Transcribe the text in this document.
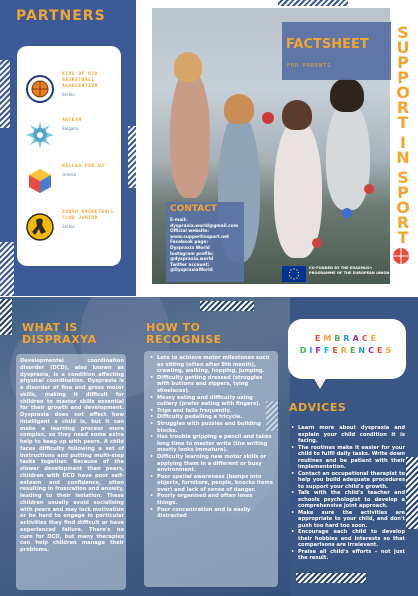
PARTNERS
KIDS OF RIO BASKETBALL ASSOCIATION
Serbia
ARTEAM
Bulgaria
BALLAS FOR US
Greece
ZOUSH BASKETBALL CLUB JUNIOR
Serbia
FACTSHEET
FOR PARENTS
S
U
P
P
O
R
T
I
N
S
P
O
R
T
CONTACT
E-mail:
dyspraxia.world@gmail.com
Official website:
www.supportinsport.net
Facebook page:
Dyspraxia World
Instagram profile:
@dyspraxia.world
Twitter account:
@DyspraxiaWorld
CO-FUNDED BY THE ERASMUS+ PROGRAMME OF THE EUROPEAN UNION
WHAT IS
DISPRAXYA
Developmental coordination disorder (DCD), also known as dyspraxia, is a condition affecting physical coordination. Dyspraxia is a disorder of fine and gross motor skills, making it difficult for children to master skills essential for their growth and development. Dyspraxia does not affect how intelligent a child is, but it can make a learning process more complex, so they need some extra help to keep up with peers. A child faces difficulty following a set of instructions and putting multi-step tasks together. Because of the slower development than peers, children with DCD have poor self-esteem and confidence, often resulting in frustration and anxiety, leading to their isolation. These children usually avoid socialising with peers and may lack motivation or be hard to engage in particular activities they find difficult or have experienced failure. There's no cure for DCD, but many therapies can help children manage their problems.
HOW TO
RECOGNISE
• Late to achieve motor milestones such as sitting (often after 8th month), crawling, walking, hopping, jumping.
• Difficulty getting dressed (struggles with buttons and zippers, tying shoelaces).
• Messy eating and difficulty using cutlery (prefer eating with fingers).
• Trips and falls frequently.
• Difficulty pedalling a tricycle.
• Struggles with puzzles and building blocks.
• Has trouble gripping a pencil and takes long time to master write (the writing mostly looks immature).
• Difficulty learning new motor skills or applying them in a different or busy environment.
• Poor spatial awareness (bumps into objects, furniture, people, knocks items over) and lack of sense of danger.
• Poorly organised and often loses things.
• Poor concentration and is easily distracted
EMBRACE
DIFFERENCES
ADVICES
• Learn more about dyspraxia and explain your child condition it is facing.
• The routines make it easier for your child to fulfil daily tasks. Write down routines and be patient with their implementation.
• Contact an occupational therapist to help you build adequate procedures to support your child's growth.
• Talk with the child's teacher and schools psychologist to develop a comprehensive joint approach.
• Make sure the activities are appropriate to your child, and don't push too hard too soon.
• Encourage each child to develop their hobbies and interests so that comparisons are irrelevant.
• Praise all child's efforts – not just the result.
